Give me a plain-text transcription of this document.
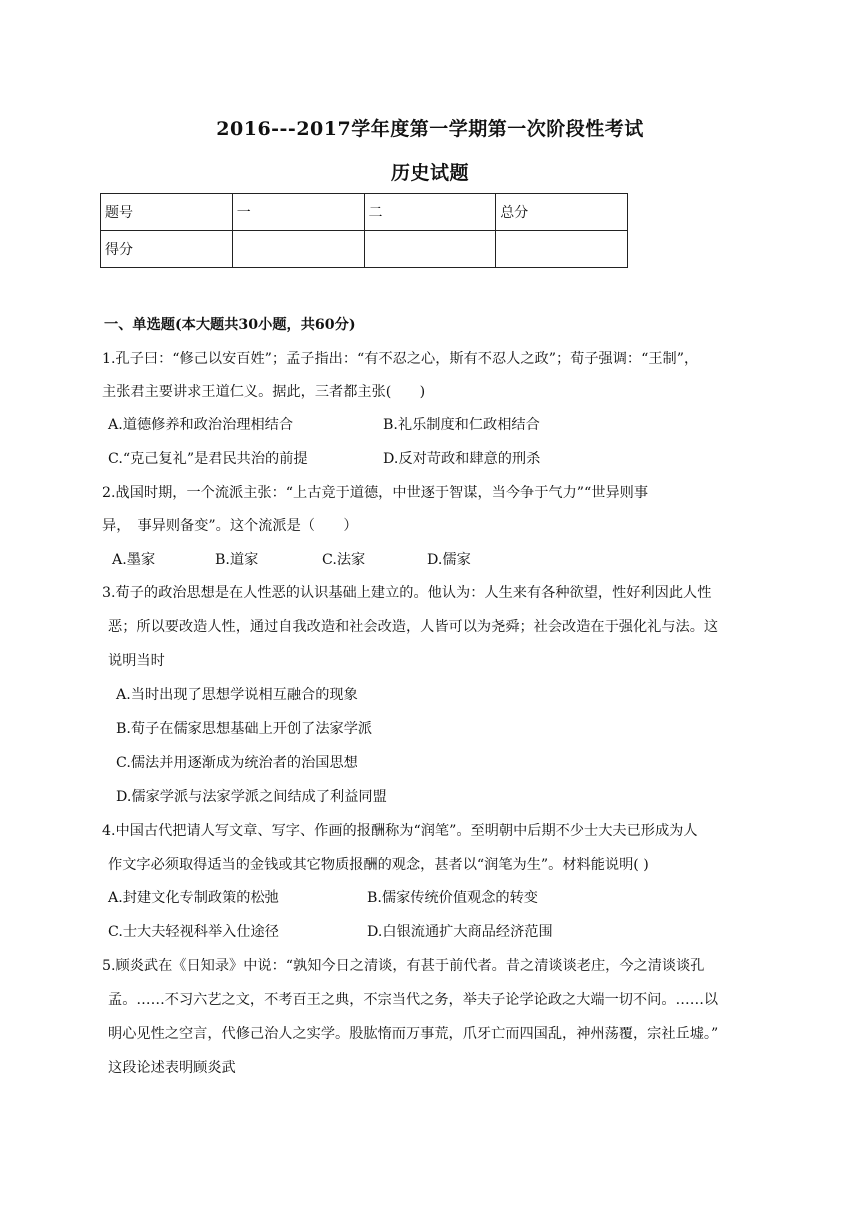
2016---2017学年度第一学期第一次阶段性考试
历史试题
题号	一	二	总分
得分			
一、单选题(本大题共30小题，共60分)
1.孔子曰：“修己以安百姓”；孟子指出：“有不忍之心，斯有不忍人之政”；荀子强调：“王制”，
主张君主要讲求王道仁义。据此，三者都主张(　　)
A.道德修养和政治治理相结合	B.礼乐制度和仁政相结合
C.“克己复礼”是君民共治的前提	D.反对苛政和肆意的刑杀
2.战国时期，一个流派主张：“上古竞于道德，中世逐于智谋，当今争于气力”“世异则事
异，　事异则备变”。这个流派是（　　）
A.墨家	B.道家	C.法家	D.儒家
3.荀子的政治思想是在人性恶的认识基础上建立的。他认为：人生来有各种欲望，性好利因此人性
恶；所以要改造人性，通过自我改造和社会改造，人皆可以为尧舜；社会改造在于强化礼与法。这
说明当时
A.当时出现了思想学说相互融合的现象
B.荀子在儒家思想基础上开创了法家学派
C.儒法并用逐渐成为统治者的治国思想
D.儒家学派与法家学派之间结成了利益同盟
4.中国古代把请人写文章、写字、作画的报酬称为“润笔”。至明朝中后期不少士大夫已形成为人
作文字必须取得适当的金钱或其它物质报酬的观念，甚者以“润笔为生”。材料能说明( )
A.封建文化专制政策的松弛	B.儒家传统价值观念的转变
C.士大夫轻视科举入仕途径	D.白银流通扩大商品经济范围
5.顾炎武在《日知录》中说：“孰知今日之清谈，有甚于前代者。昔之清谈谈老庄，今之清谈谈孔
孟。……不习六艺之文，不考百王之典，不宗当代之务，举夫子论学论政之大端一切不问。……以
明心见性之空言，代修己治人之实学。股肱惰而万事荒，爪牙亡而四国乱，神州荡覆，宗社丘墟。”
这段论述表明顾炎武
